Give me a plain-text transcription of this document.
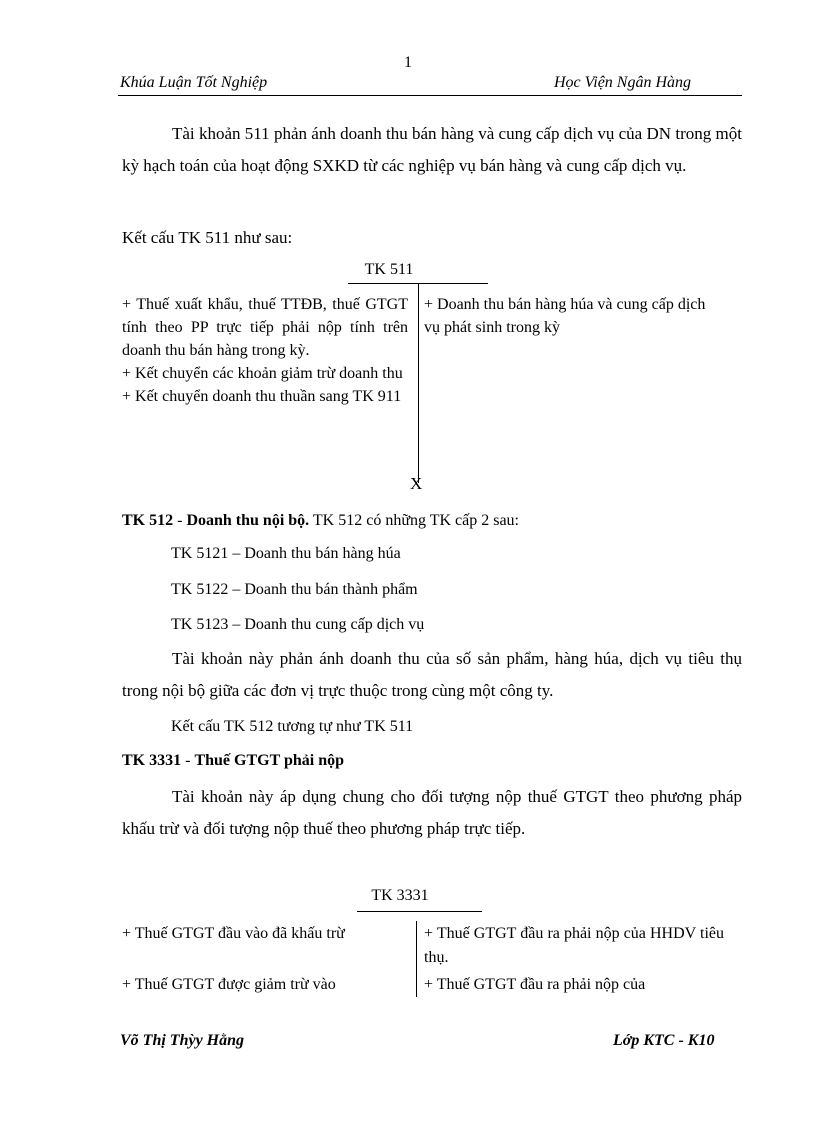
1
Khúa Luận Tốt Nghiệp	Học Viện Ngân Hàng
Tài khoản 511 phản ánh doanh thu bán hàng và cung cấp dịch vụ của DN trong một kỳ hạch toán của hoạt động SXKD từ các nghiệp vụ bán hàng và cung cấp dịch vụ.
Kết cấu TK 511 như sau:
TK 511
+ Thuế xuất khẩu, thuế TTĐB, thuế GTGT tính theo PP trực tiếp phải nộp tính trên doanh thu bán hàng trong kỳ.
+ Kết chuyển các khoản giảm trừ doanh thu
+ Kết chuyển doanh thu thuần sang TK 911
+ Doanh thu bán hàng húa và cung cấp dịch vụ phát sinh trong kỳ
X
TK 512 - Doanh thu nội bộ. TK 512 có những TK cấp 2 sau:
TK 5121 – Doanh thu bán hàng húa
TK 5122 – Doanh thu bán thành phẩm
TK 5123 – Doanh thu cung cấp dịch vụ
Tài khoản này phản ánh doanh thu của số sản phẩm, hàng húa, dịch vụ tiêu thụ trong nội bộ giữa các đơn vị trực thuộc trong cùng một công ty.
Kết cấu TK 512 tương tự như TK 511
TK 3331 - Thuế GTGT phải nộp
Tài khoản này áp dụng chung cho đối tượng nộp thuế GTGT theo phương pháp khấu trừ và đối tượng nộp thuế theo phương pháp trực tiếp.
TK 3331
+ Thuế GTGT đầu vào đã khấu trừ
+ Thuế GTGT được giảm trừ vào
+ Thuế GTGT đầu ra phải nộp của HHDV tiêu thụ.
+ Thuế GTGT đầu ra phải nộp của
Võ Thị Thỳy Hằng	Lớp KTC - K10
